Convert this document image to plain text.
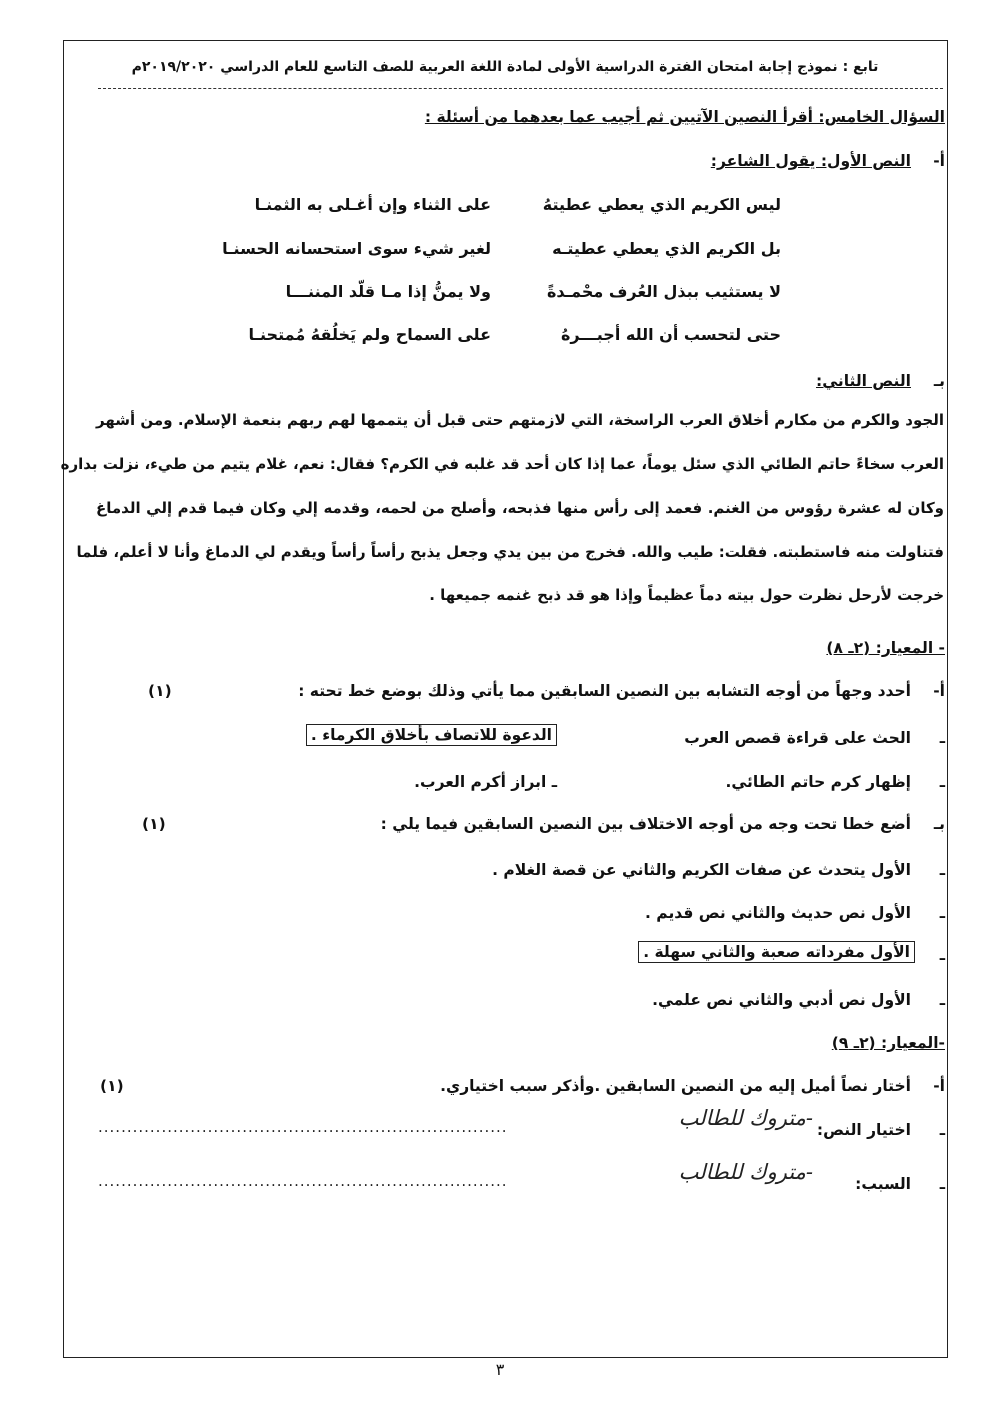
تابع : نموذج إجابة امتحان الفترة الدراسية الأولى لمادة اللغة العربية للصف التاسع للعام الدراسي ٢٠١٩/٢٠٢٠م
السؤال الخامس: أقرأ النصين الآتيين ثم أجيب عما بعدهما من أسئلة :
أ-
النص الأول: يقول الشاعر:
ليس الكريم الذي يعطي عطيتهُ
على الثناء وإن أغـلى به الثمنـا
بل الكريم الذي يعطي عطيتـه
لغير شيء سوى استحسانه الحسنـا
لا يستثيب ببذل العُرف محْمـدةً
ولا يمنُّ إذا مـا قلّد المننـــا
حتى لتحسب أن الله أجبـــرهُ
على السماح ولم يَخلُقهُ مُمتحنـا
بـ
النص الثاني:
الجود والكرم من مكارم أخلاق العرب الراسخة، التي لازمتهم حتى قبل أن يتممها لهم ربهم بنعمة الإسلام. ومن أشهر
العرب سخاءً حاتم الطائي الذي سئل يوماً، عما إذا كان أحد قد غلبه في الكرم؟ فقال: نعم، غلام يتيم من طيء، نزلت بداره
وكان له عشرة رؤوس من الغنم. فعمد إلى رأس منها فذبحه، وأصلح من لحمه، وقدمه إلي وكان فيما قدم إلي الدماغ
فتناولت منه فاستطبته. فقلت: طيب والله. فخرج من بين يدي وجعل يذبح رأساً رأساً ويقدم لي الدماغ وأنا لا أعلم، فلما
خرجت لأرحل نظرت حول بيته دماً عظيماً وإذا هو قد ذبح غنمه جميعها .
- المعيار: (٢ـ ٨)
أ-
أحدد وجهاً من أوجه التشابه بين النصين السابقين مما يأتي وذلك بوضع خط تحته :
(١)
ـ
الحث على قراءة قصص العرب
الدعوة للاتصاف بأخلاق الكرماء .
ـ
إظهار كرم حاتم الطائي.
ـ ابراز أكرم العرب.
بـ
أضع خطا تحت وجه من أوجه الاختلاف بين النصين السابقين فيما يلي :
(١)
ـ
الأول يتحدث عن صفات الكريم والثاني عن قصة الغلام .
ـ
الأول نص حديث والثاني نص قديم .
ـ
الأول مفرداته صعبة والثاني سهلة .
ـ
الأول نص أدبي والثاني نص علمي.
-المعيار: (٢ـ ٩)
أ-
أختار نصاً أميل إليه من النصين السابقين .وأذكر سبب اختياري.
(١)
ـ
اختيار النص:
.......................................................................	-متروك للطالب
ـ
السبب:
.......................................................................	-متروك للطالب
٣
